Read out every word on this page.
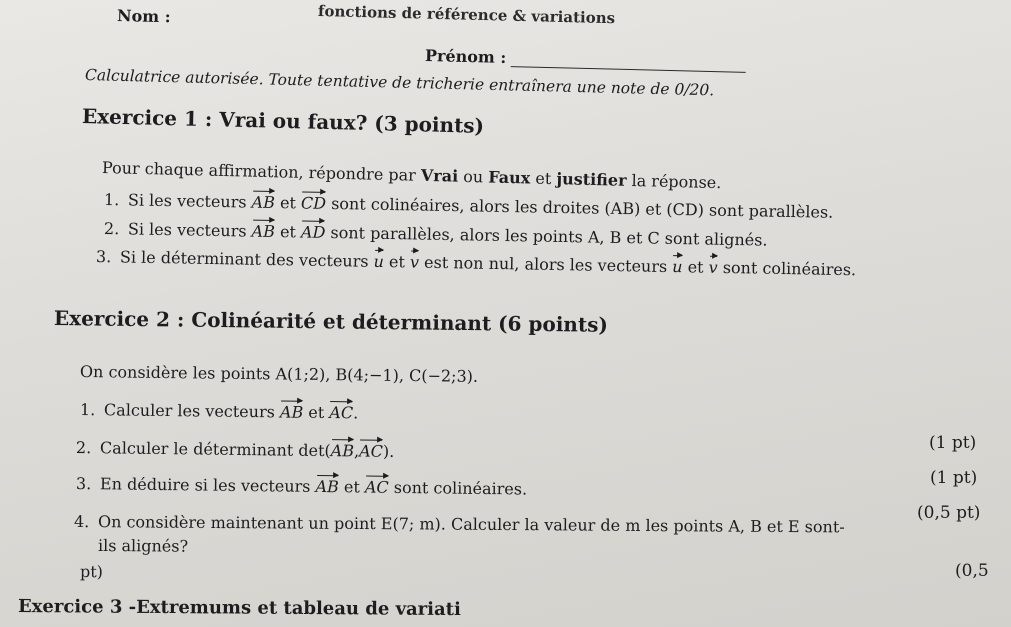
Nom :	fonctions de référence & variations
Prénom :
Calculatrice autorisée. Toute tentative de tricherie entraînera une note de 0/20.
Exercice 1 : Vrai ou faux? (3 points)
Pour chaque affirmation, répondre par Vrai ou Faux et justifier la réponse.
1. Si les vecteurs AB et CD sont colinéaires, alors les droites (AB) et (CD) sont parallèles.
2. Si les vecteurs AB et AD sont parallèles, alors les points A, B et C sont alignés.
3. Si le déterminant des vecteurs u et v est non nul, alors les vecteurs u et v sont colinéaires.
Exercice 2 : Colinéarité et déterminant (6 points)
On considère les points A(1;2), B(4;−1), C(−2;3).
1. Calculer les vecteurs AB et AC.
2. Calculer le déterminant det(AB,AC).
3. En déduire si les vecteurs AB et AC sont colinéaires.
4. On considère maintenant un point E(7; m). Calculer la valeur de m les points A, B et E sont-
ils alignés?
pt)
(1 pt)
(1 pt)
(0,5 pt)
(0,5
Exercice 3 -Extremums et tableau de variati
